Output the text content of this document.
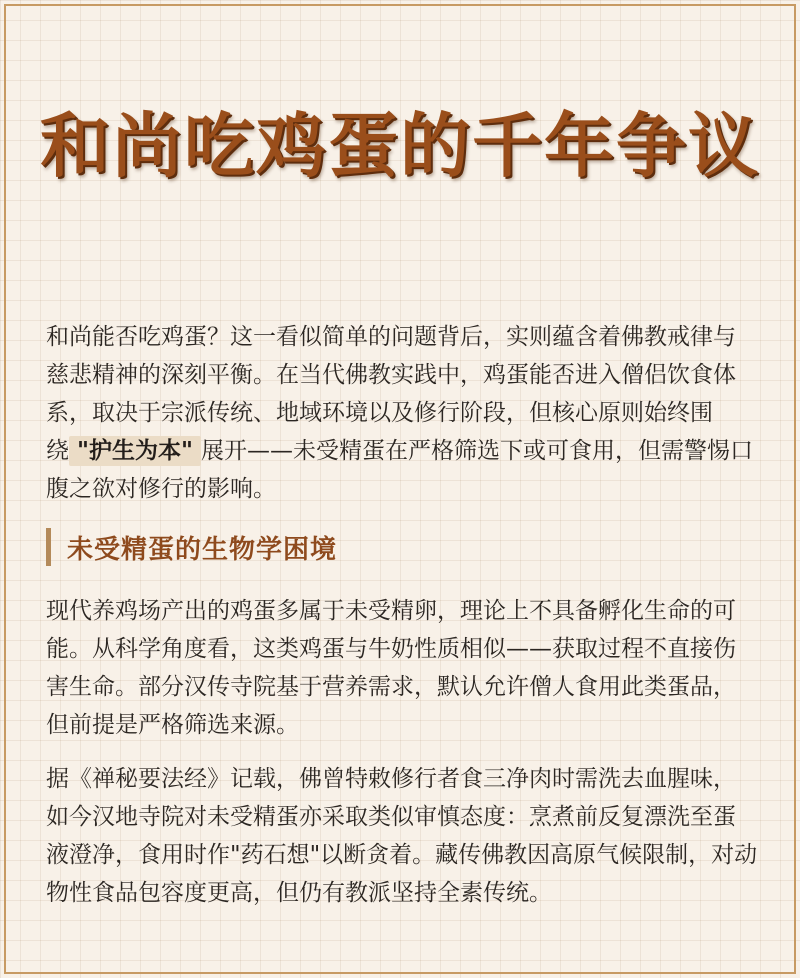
和尚吃鸡蛋的千年争议

和尚能否吃鸡蛋？这一看似简单的问题背后，实则蕴含着佛教戒律与慈悲精神的深刻平衡。在当代佛教实践中，鸡蛋能否进入僧侣饮食体系，取决于宗派传统、地域环境以及修行阶段，但核心原则始终围绕 "护生为本" 展开——未受精蛋在严格筛选下或可食用，但需警惕口腹之欲对修行的影响。

未受精蛋的生物学困境

现代养鸡场产出的鸡蛋多属于未受精卵，理论上不具备孵化生命的可能。从科学角度看，这类鸡蛋与牛奶性质相似——获取过程不直接伤害生命。部分汉传寺院基于营养需求，默认允许僧人食用此类蛋品，但前提是严格筛选来源。

据《禅秘要法经》记载，佛曾特敕修行者食三净肉时需洗去血腥味，如今汉地寺院对未受精蛋亦采取类似审慎态度：烹煮前反复漂洗至蛋液澄净，食用时作"药石想"以断贪着。藏传佛教因高原气候限制，对动物性食品包容度更高，但仍有教派坚持全素传统。
